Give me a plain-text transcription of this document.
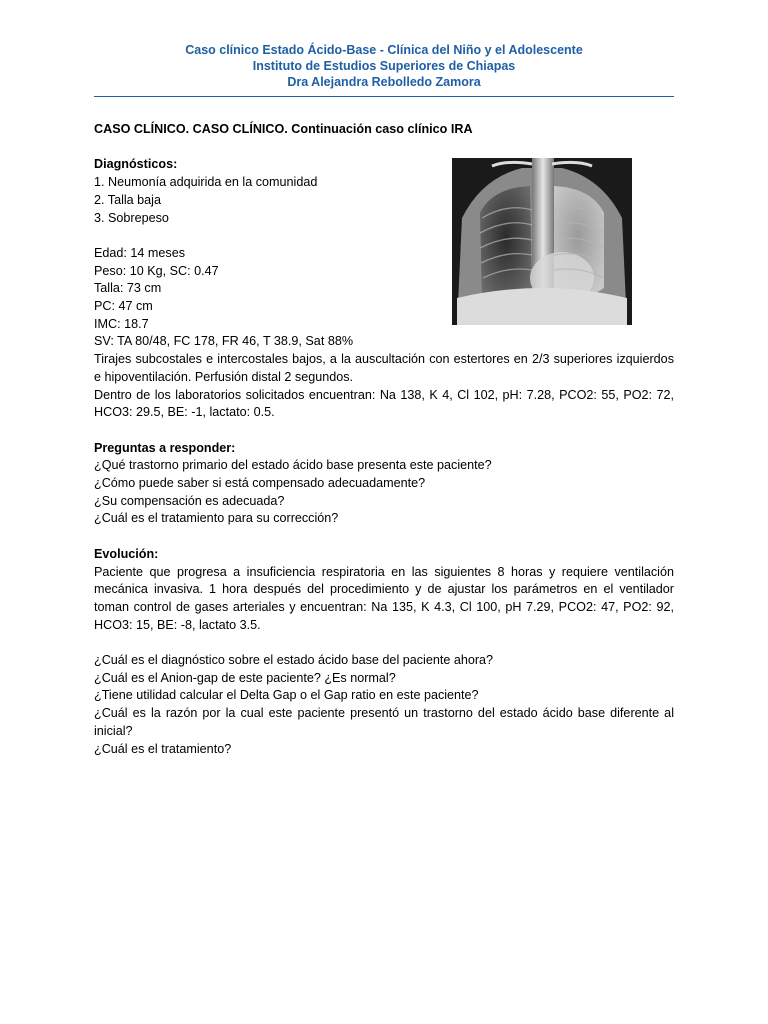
Caso clínico Estado Ácido-Base - Clínica del Niño y el Adolescente
Instituto de Estudios Superiores de Chiapas
Dra Alejandra Rebolledo Zamora

CASO CLÍNICO. CASO CLÍNICO. Continuación caso clínico IRA

Diagnósticos:

1. Neumonía adquirida en la comunidad

2. Talla baja

3. Sobrepeso

Edad: 14 meses

Peso: 10 Kg, SC: 0.47

Talla: 73 cm

PC: 47 cm

IMC: 18.7

SV: TA 80/48, FC 178, FR 46, T 38.9, Sat 88%

Tirajes subcostales e intercostales bajos, a la auscultación con estertores en 2/3 superiores izquierdos e hipoventilación. Perfusión distal 2 segundos.

Dentro de los laboratorios solicitados encuentran: Na 138, K 4, Cl 102, pH: 7.28, PCO2: 55, PO2: 72, HCO3: 29.5, BE: -1, lactato: 0.5.

Preguntas a responder:

¿Qué trastorno primario del estado ácido base presenta este paciente?

¿Cómo puede saber si está compensado adecuadamente?

¿Su compensación es adecuada?

¿Cuál es el tratamiento para su corrección?

Evolución:

Paciente que progresa a insuficiencia respiratoria en las siguientes 8 horas y requiere ventilación mecánica invasiva. 1 hora después del procedimiento y de ajustar los parámetros en el ventilador toman control de gases arteriales y encuentran: Na 135, K 4.3, Cl 100, pH 7.29, PCO2: 47, PO2: 92, HCO3: 15, BE: -8, lactato 3.5.

¿Cuál es el diagnóstico sobre el estado ácido base del paciente ahora?

¿Cuál es el Anion-gap de este paciente? ¿Es normal?

¿Tiene utilidad calcular el Delta Gap o el Gap ratio en este paciente?

¿Cuál es la razón por la cual este paciente presentó un trastorno del estado ácido base diferente al inicial?

¿Cuál es el tratamiento?
